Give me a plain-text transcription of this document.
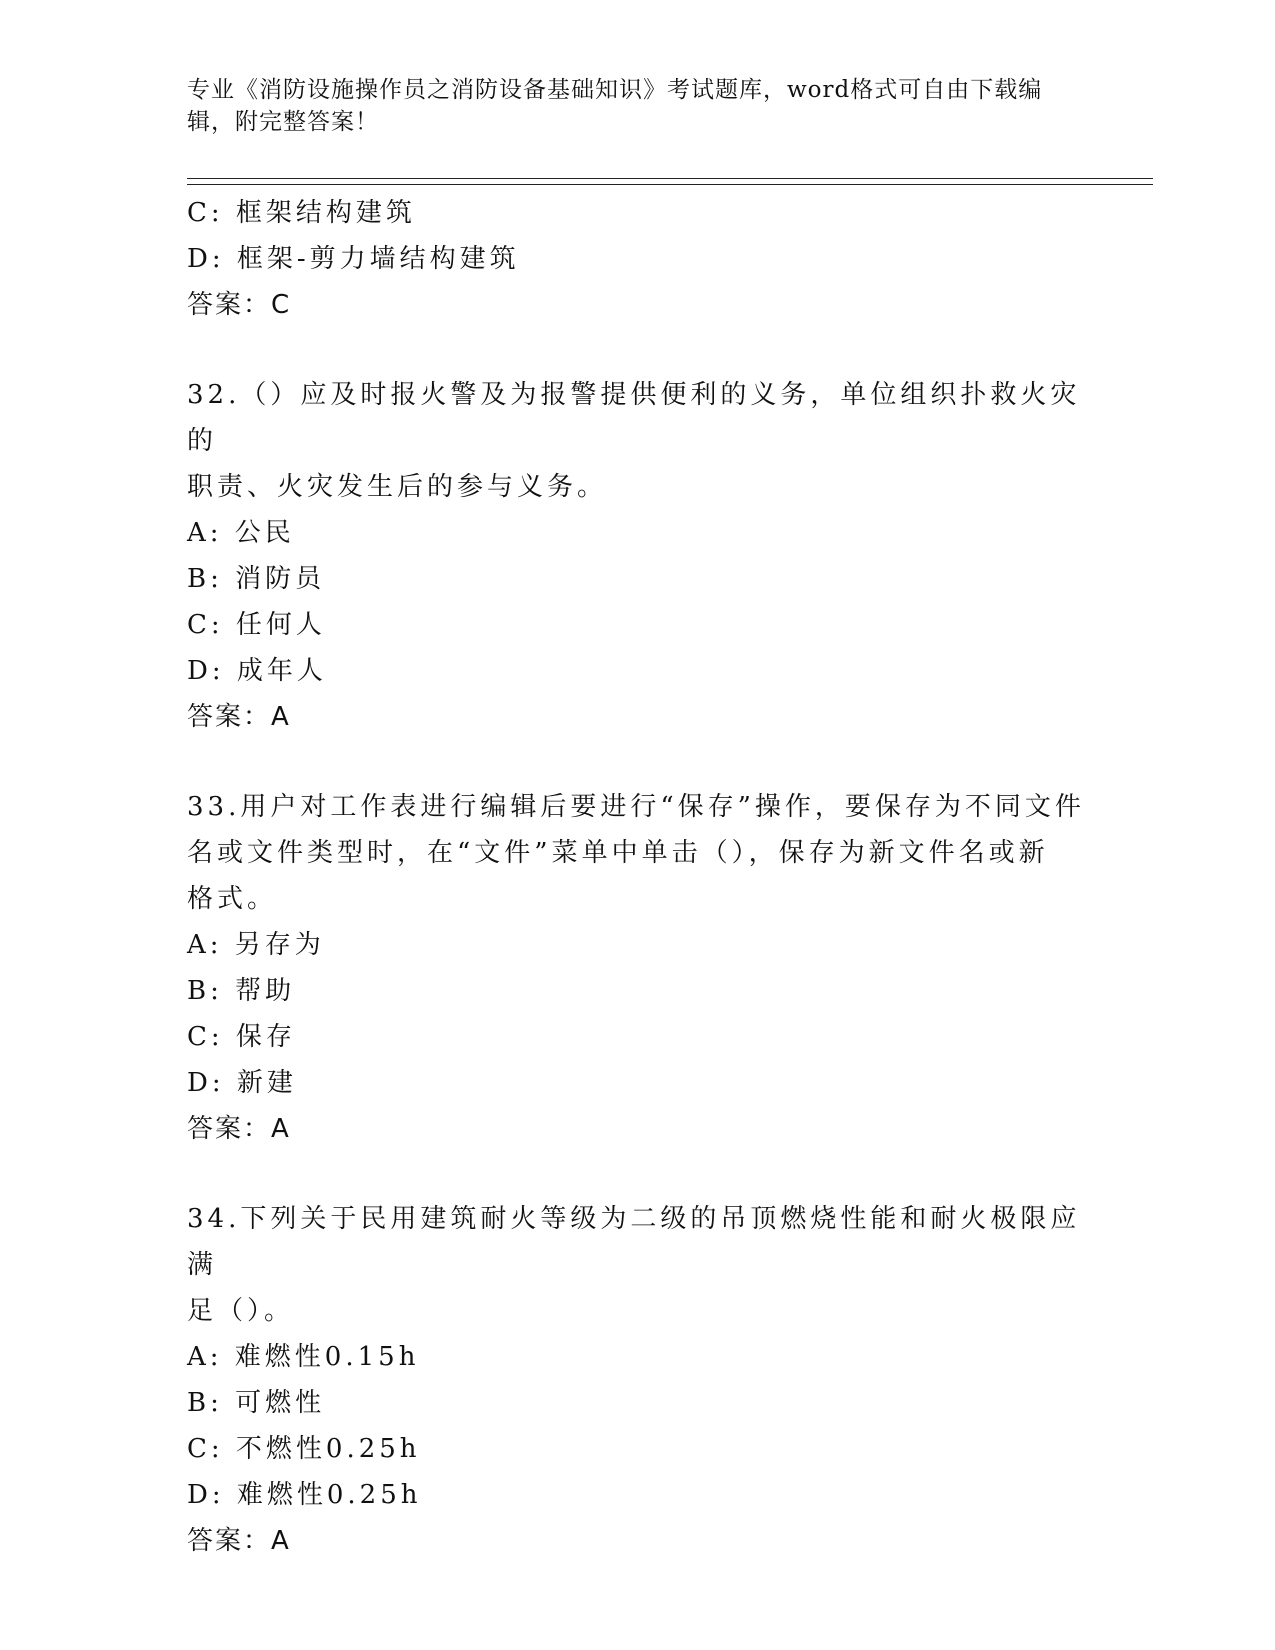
专业《消防设施操作员之消防设备基础知识》考试题库，word格式可自由下载编
辑，附完整答案！
C: 框架结构建筑
D: 框架-剪力墙结构建筑
答案：C
32.（）应及时报火警及为报警提供便利的义务，单位组织扑救火灾的
职责、火灾发生后的参与义务。
A: 公民
B: 消防员
C: 任何人
D: 成年人
答案：A
33.用户对工作表进行编辑后要进行“保存”操作，要保存为不同文件
名或文件类型时，在“文件”菜单中单击（），保存为新文件名或新
格式。
A: 另存为
B: 帮助
C: 保存
D: 新建
答案：A
34.下列关于民用建筑耐火等级为二级的吊顶燃烧性能和耐火极限应满
足（）。
A: 难燃性0.15h
B: 可燃性
C: 不燃性0.25h
D: 难燃性0.25h
答案：A
